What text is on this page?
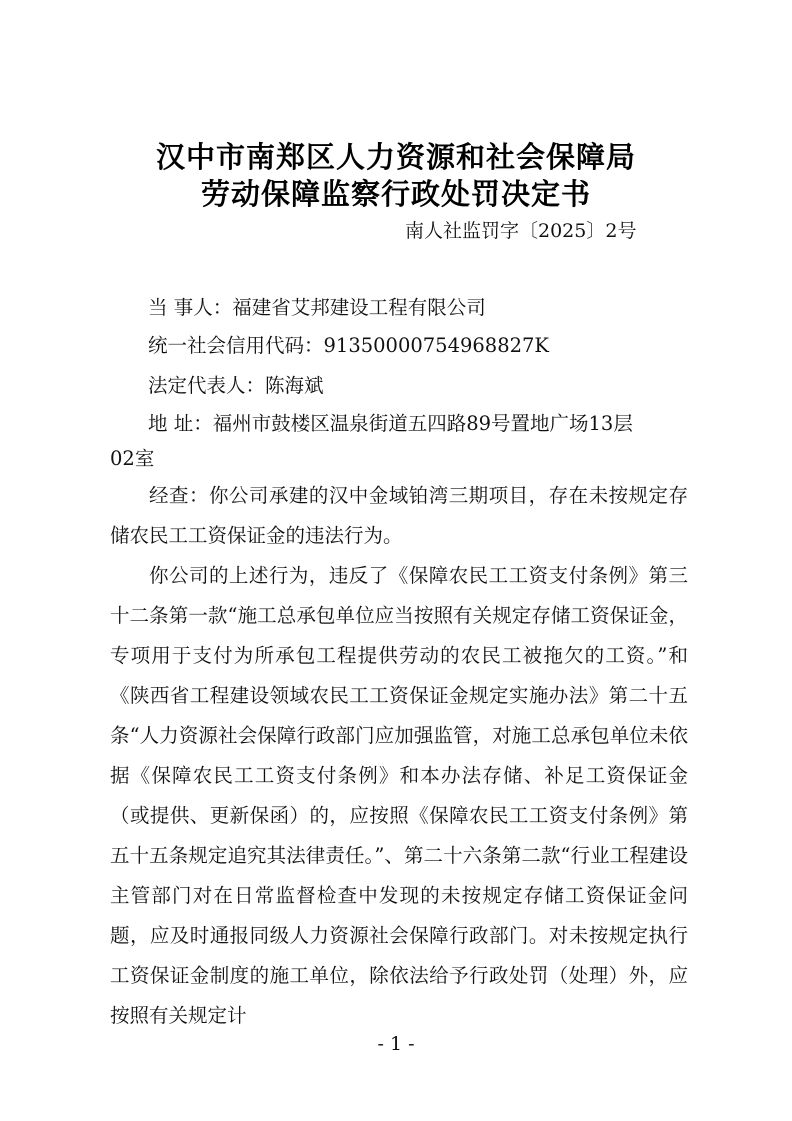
汉中市南郑区人力资源和社会保障局
劳动保障监察行政处罚决定书
南人社监罚字〔2025〕2号
当 事人：福建省艾邦建设工程有限公司
统一社会信用代码：91350000754968827K
法定代表人：陈海斌
地 址：福州市鼓楼区温泉街道五四路89号置地广场13层
02室
经查：你公司承建的汉中金域铂湾三期项目，存在未按规定存储农民工工资保证金的违法行为。
你公司的上述行为，违反了《保障农民工工资支付条例》第三十二条第一款“施工总承包单位应当按照有关规定存储工资保证金，专项用于支付为所承包工程提供劳动的农民工被拖欠的工资。”和《陕西省工程建设领域农民工工资保证金规定实施办法》第二十五条“人力资源社会保障行政部门应加强监管，对施工总承包单位未依据《保障农民工工资支付条例》和本办法存储、补足工资保证金（或提供、更新保函）的，应按照《保障农民工工资支付条例》第五十五条规定追究其法律责任。”、第二十六条第二款“行业工程建设主管部门对在日常监督检查中发现的未按规定存储工资保证金问题，应及时通报同级人力资源社会保障行政部门。对未按规定执行工资保证金制度的施工单位，除依法给予行政处罚（处理）外，应按照有关规定计
- 1 -
